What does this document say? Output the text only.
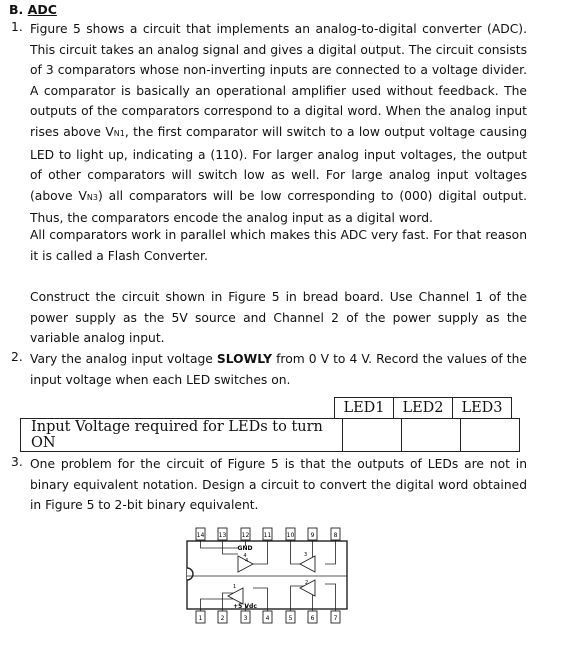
B. ADC
1. Figure 5 shows a circuit that implements an analog-to-digital converter (ADC). This circuit takes an analog signal and gives a digital output. The circuit consists of 3 comparators whose non-inverting inputs are connected to a voltage divider. A comparator is basically an operational amplifier used without feedback. The outputs of the comparators correspond to a digital word. When the analog input rises above VN1, the first comparator will switch to a low output voltage causing LED to light up, indicating a (110). For larger analog input voltages, the output of other comparators will switch low as well. For large analog input voltages (above VN3) all comparators will be low corresponding to (000) digital output. Thus, the comparators encode the analog input as a digital word.

All comparators work in parallel which makes this ADC very fast. For that reason it is called a Flash Converter.

Construct the circuit shown in Figure 5 in bread board. Use Channel 1 of the power supply as the 5V source and Channel 2 of the power supply as the variable analog input.

2. Vary the analog input voltage SLOWLY from 0 V to 4 V. Record the values of the input voltage when each LED switches on.

LED1	LED2	LED3
Input Voltage required for LEDs to turn ON			
3. One problem for the circuit of Figure 5 is that the outputs of LEDs are not in binary equivalent notation. Design a circuit to convert the digital word obtained in Figure 5 to 2-bit binary equivalent.

14 13	12 11	10	9	8
1	2	3	4	5	6	7
4
3
1
2
GND
4
+5 Vdc
